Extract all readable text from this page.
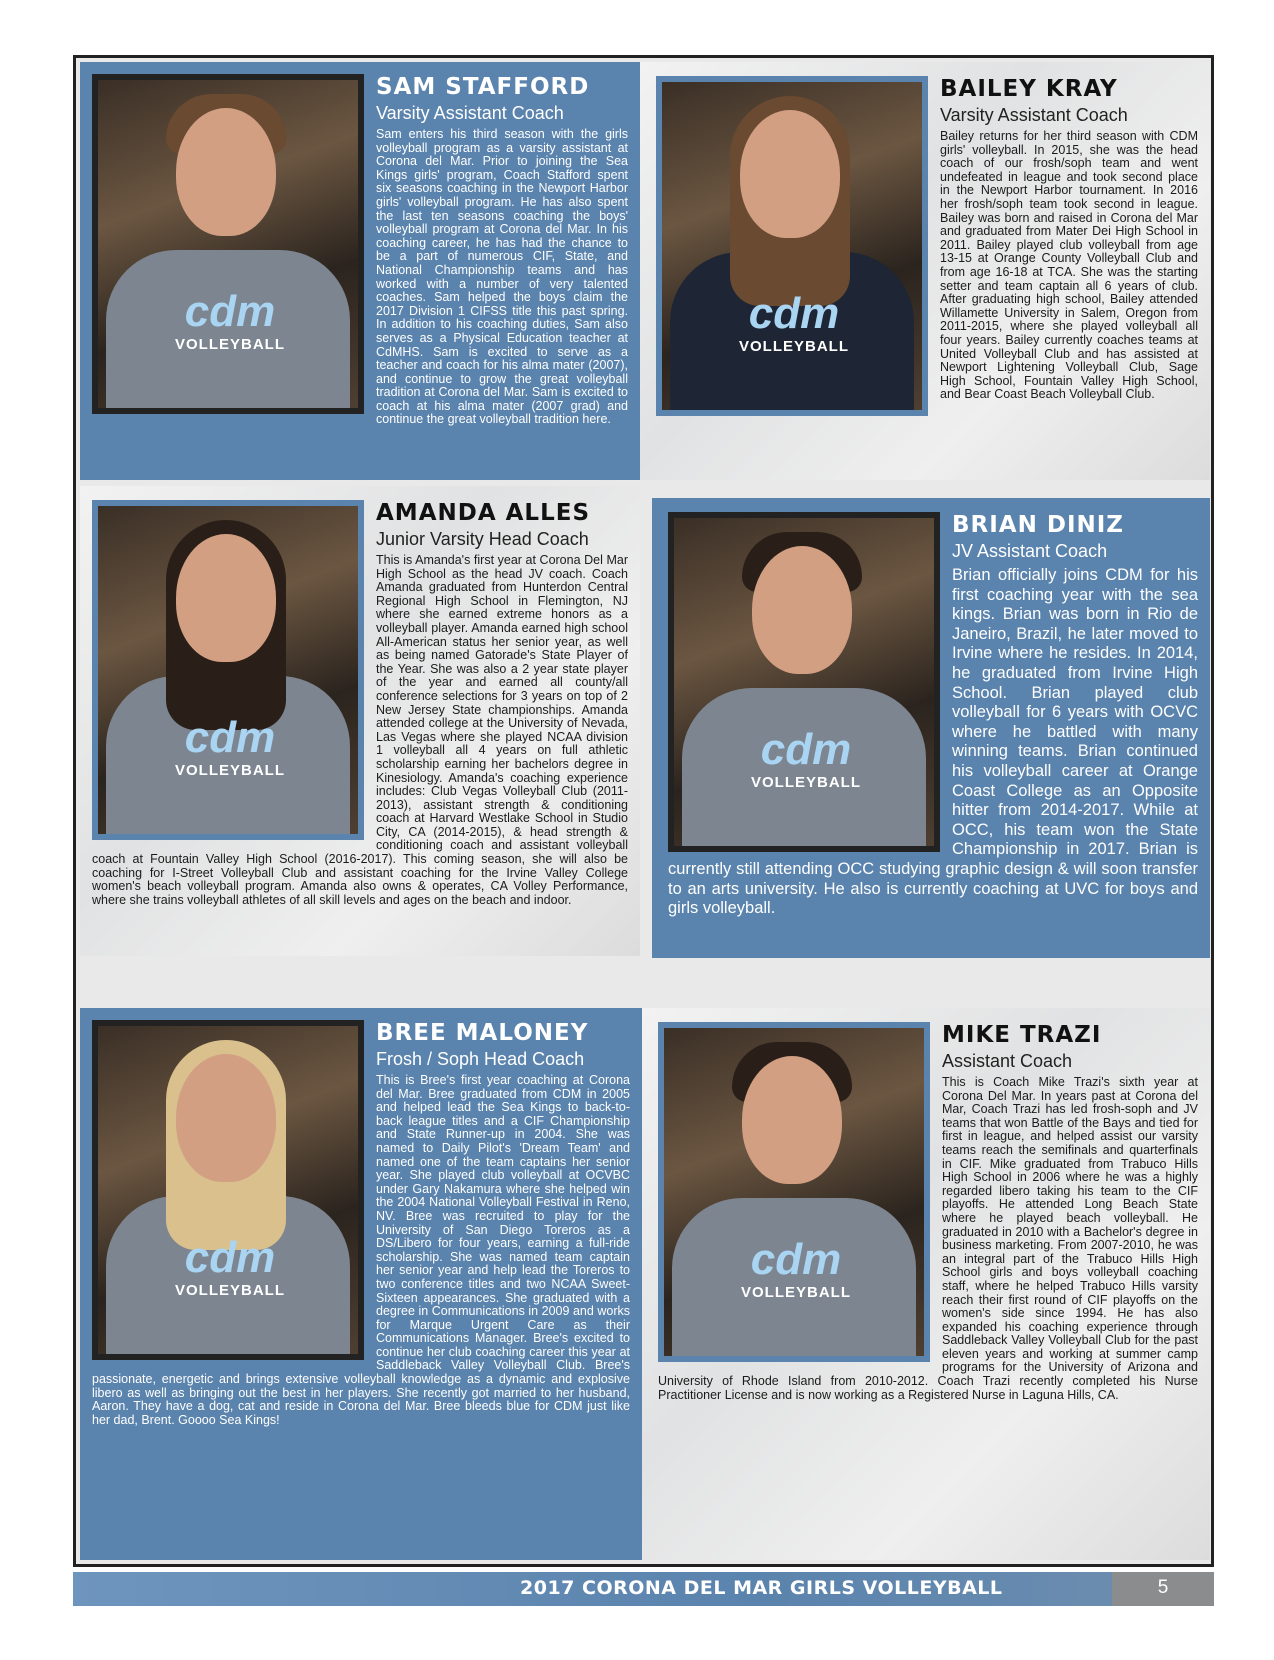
cdm
VOLLEYBALL
SAM STAFFORD
Varsity Assistant Coach

Sam enters his third season with the girls volleyball program as a varsity assistant at Corona del Mar. Prior to joining the Sea Kings girls' program, Coach Stafford spent six seasons coaching in the Newport Harbor girls' volleyball program. He has also spent the last ten seasons coaching the boys' volleyball program at Corona del Mar. In his coaching career, he has had the chance to be a part of numerous CIF, State, and National Championship teams and has worked with a number of very talented coaches. Sam helped the boys claim the 2017 Division 1 CIFSS title this past spring. In addition to his coaching duties, Sam also serves as a Physical Education teacher at CdMHS. Sam is excited to serve as a teacher and coach for his alma mater (2007), and continue to grow the great volleyball tradition at Corona del Mar. Sam is excited to coach at his alma mater (2007 grad) and continue the great volleyball tradition here.

cdm
VOLLEYBALL
BAILEY KRAY
Varsity Assistant Coach

Bailey returns for her third season with CDM girls' volleyball. In 2015, she was the head coach of our frosh/soph team and went undefeated in league and took second place in the Newport Harbor tournament. In 2016 her frosh/soph team took second in league. Bailey was born and raised in Corona del Mar and graduated from Mater Dei High School in 2011. Bailey played club volleyball from age 13-15 at Orange County Volleyball Club and from age 16-18 at TCA. She was the starting setter and team captain all 6 years of club. After graduating high school, Bailey attended Willamette University in Salem, Oregon from 2011-2015, where she played volleyball all four years. Bailey currently coaches teams at United Volleyball Club and has assisted at Newport Lightening Volleyball Club, Sage High School, Fountain Valley High School, and Bear Coast Beach Volleyball Club.

cdm
VOLLEYBALL
AMANDA ALLES
Junior Varsity Head Coach

This is Amanda's first year at Corona Del Mar High School as the head JV coach. Coach Amanda graduated from Hunterdon Central Regional High School in Flemington, NJ where she earned extreme honors as a volleyball player. Amanda earned high school All-American status her senior year, as well as being named Gatorade's State Player of the Year. She was also a 2 year state player of the year and earned all county/all conference selections for 3 years on top of 2 New Jersey State championships. Amanda attended college at the University of Nevada, Las Vegas where she played NCAA division 1 volleyball all 4 years on full athletic scholarship earning her bachelors degree in Kinesiology. Amanda's coaching experience includes: Club Vegas Volleyball Club (2011-2013), assistant strength & conditioning coach at Harvard Westlake School in Studio City, CA (2014-2015), & head strength & conditioning coach and assistant volleyball coach at Fountain Valley High School (2016-2017). This coming season, she will also be coaching for I-Street Volleyball Club and assistant coaching for the Irvine Valley College women's beach volleyball program. Amanda also owns & operates, CA Volley Performance, where she trains volleyball athletes of all skill levels and ages on the beach and indoor.

cdm
VOLLEYBALL
BRIAN DINIZ
JV Assistant Coach

Brian officially joins CDM for his first coaching year with the sea kings. Brian was born in Rio de Janeiro, Brazil, he later moved to Irvine where he resides. In 2014, he graduated from Irvine High School. Brian played club volleyball for 6 years with OCVC where he battled with many winning teams. Brian continued his volleyball career at Orange Coast College as an Opposite hitter from 2014-2017. While at OCC, his team won the State Championship in 2017. Brian is currently still attending OCC studying graphic design & will soon transfer to an arts university. He also is currently coaching at UVC for boys and girls volleyball.

cdm
VOLLEYBALL
BREE MALONEY
Frosh / Soph Head Coach

This is Bree's first year coaching at Corona del Mar. Bree graduated from CDM in 2005 and helped lead the Sea Kings to back-to-back league titles and a CIF Championship and State Runner-up in 2004. She was named to Daily Pilot's 'Dream Team' and named one of the team captains her senior year. She played club volleyball at OCVBC under Gary Nakamura where she helped win the 2004 National Volleyball Festival in Reno, NV. Bree was recruited to play for the University of San Diego Toreros as a DS/Libero for four years, earning a full-ride scholarship. She was named team captain her senior year and help lead the Toreros to two conference titles and two NCAA Sweet-Sixteen appearances. She graduated with a degree in Communications in 2009 and works for Marque Urgent Care as their Communications Manager. Bree's excited to continue her club coaching career this year at Saddleback Valley Volleyball Club. Bree's passionate, energetic and brings extensive volleyball knowledge as a dynamic and explosive libero as well as bringing out the best in her players. She recently got married to her husband, Aaron. They have a dog, cat and reside in Corona del Mar. Bree bleeds blue for CDM just like her dad, Brent. Goooo Sea Kings!

cdm
VOLLEYBALL
MIKE TRAZI
Assistant Coach

This is Coach Mike Trazi's sixth year at Corona Del Mar. In years past at Corona del Mar, Coach Trazi has led frosh-soph and JV teams that won Battle of the Bays and tied for first in league, and helped assist our varsity teams reach the semifinals and quarterfinals in CIF. Mike graduated from Trabuco Hills High School in 2006 where he was a highly regarded libero taking his team to the CIF playoffs. He attended Long Beach State where he played beach volleyball. He graduated in 2010 with a Bachelor's degree in business marketing. From 2007-2010, he was an integral part of the Trabuco Hills High School girls and boys volleyball coaching staff, where he helped Trabuco Hills varsity reach their first round of CIF playoffs on the women's side since 1994. He has also expanded his coaching experience through Saddleback Valley Volleyball Club for the past eleven years and working at summer camp programs for the University of Arizona and University of Rhode Island from 2010-2012. Coach Trazi recently completed his Nurse Practitioner License and is now working as a Registered Nurse in Laguna Hills, CA.

2017 CORONA DEL MAR GIRLS VOLLEYBALL	5
